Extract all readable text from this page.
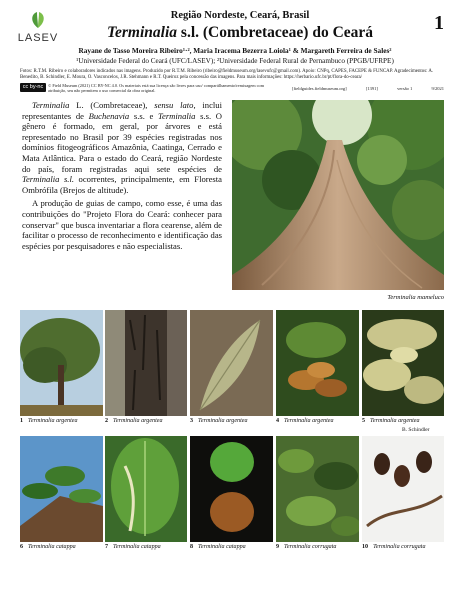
LASEV
Região Nordeste, Ceará, Brasil
Terminalia s.l. (Combretaceae) do Ceará	1
Rayane de Tasso Moreira Ribeiro¹·², Maria Iracema Bezerra Loiola¹ & Margareth Ferreira de Sales²
¹Universidade Federal do Ceará (UFC/LASEV); ²Universidade Federal Rural de Pernambuco (PPGB/UFRPE)
Fotos: R.T.M. Ribeiro e colaboradores indicados nas imagens. Produzido por R.T.M. Ribeiro (ribeiro@fieldmuseum.org/lasevufc@gmail.com). Apoio: CNPq, CAPES, FACEPE & FUNCAP. Agradecimentos: A. Benedito, B. Schindler, E. Moura, O. Vasconcelos, J.R. Stehmann e R.T. Queiroz pela concessão das imagens. Para mais informações: https://herbario.ufc.br/pt/flora-do-ceara/
cc by-nc	© Field Museum (2021) CC BY-NC 4.0. Os materiais está sua licença são livres para uso/ compartilhamento/remixagem com atribuição, seu não permitem o uso comercial da obra original.	[fieldguides.fieldmuseum.org]	[1391]	versão 1	9/2021

Terminalia L. (Combretaceae), sensu lato, inclui representantes de Buchenavia s.s. e Terminalia s.s. O gênero é formado, em geral, por árvores e está representado no Brasil por 39 espécies registradas nos domínios fitogeográficos Amazônia, Caatinga, Cerrado e Mata Atlântica. Para o estado do Ceará, região Nordeste do país, foram registradas aqui sete espécies de Terminalia s.l. ocorrentes, principalmente, em Floresta Ombrófila (Brejos de altitude).

A produção de guias de campo, como esse, é uma das contribuições do "Projeto Flora do Ceará: conhecer para conservar" que busca inventariar a flora cearense, além de facilitar o processo de reconhecimento e identificação das espécies por pesquisadores e não especialistas.

Terminalia mameluco
1 Terminalia argentea	2 Terminalia argentea	3 Terminalia argentea	4 Terminalia argentea	5 Terminalia argentea
B. Schindler
6 Terminalia catappa	7 Terminalia catappa	8 Terminalia catappa	9 Terminalia corrugata	10 Terminalia corrugata
